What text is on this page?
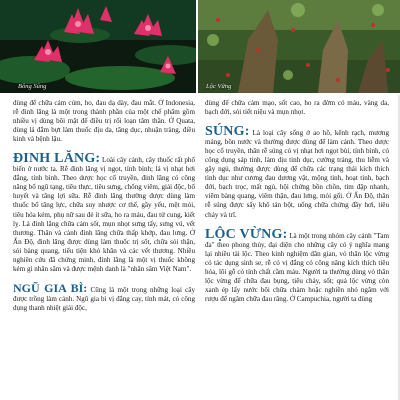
Bông Súng	Lộc Vừng

dùng để chữa cảm cúm, ho, đau dạ dày, đau mắt. Ở Indonesia, rễ đinh lăng là một trong thành phần của một chế phẩm gồm nhiều vị dùng bôi mặt để điều trị rối loạn tâm thần. Ở Quata, dùng lá đắm bựt làm thuốc địu da, tăng dục, nhuận tràng, điều kinh và bệnh lậu.

ĐINH LĂNG: Loài cây cảnh, cây thuốc rất phổ biến ở nước ta. Rễ đinh lăng vị ngọt, tính bình; lá vị nhạt hơi đắng, tính bình. Theo dược học cổ truyền, đinh lăng có công năng bổ ngũ tạng, tiêu thực, tiêu sưng, chống viêm, giải độc, bổ huyết và tăng lợi sữa. Rễ đinh lăng thường được dùng làm thuốc bổ tăng lực, chữa suy nhược cơ thể, gầy yếu, mệt mỏi, tiêu hóa kém, phụ nữ sau đẻ ít sữa, ho ra máu, đau tử cung, kiết lỵ. Lá đinh lăng chữa cảm sốt, mụn nhọt sưng tấy, sưng vú, vết thương. Thân và cành đinh lăng chữa thấp khớp, đau lưng. Ở Ấn Độ, đinh lăng được dùng làm thuốc trị sốt, chữa sỏi thận, sỏi bàng quang, tiểu tiện khó khăn và các vết thương. Nhiều nghiên cứu đã chứng minh, đinh lăng là một vị thuốc không kém gì nhân sâm và được mệnh danh là "nhân sâm Việt Nam".

NGŨ GIA BÌ: Cũng là một trong những loại cây được trồng làm cảnh. Ngũ gia bì vị đắng cay, tính mát, có công dụng thanh nhiệt giải độc,

dùng để chữa cảm mạo, sốt cao, ho ra đờm có máu, vàng da, bạch đới, sỏi tiết niệu và mụn nhọt.

SÚNG: Là loại cây sống ở ao hồ, kênh rạch, mương máng, bồn nước và thường được dùng để làm cảnh. Theo dược học cổ truyền, thân rễ súng có vị nhạt hơi ngọt bùi, tính bình, có công dụng sáp tinh, làm dịu tinh dục, cường tráng, thu liễm và gây ngủ, thường được dùng để chữa các trạng thái kích thích tình dục như cương đau dương vật, mộng tinh, hoạt tinh, bạch đới, bạch trọc, mất ngủ, hội chứng bồn chồn, tim đập nhanh, viêm bàng quang, viêm thận, đau lưng, mỏi gối. Ở Ấn Độ, thân rễ súng được sấy khô tán bột, uống chữa chứng đầy hơi, tiêu chảy và trĩ.

LỘC VỪNG: Là một trong nhóm cây cảnh "Tam đa" theo phong thủy, đại diện cho những cây có ý nghĩa mang lại nhiều tài lộc. Theo kinh nghiệm dân gian, vỏ thân lộc vừng có tác dụng sinh se, rễ có vị đắng có công năng kích thích tiêu hóa, lõi gỗ có tính chất cầm máu. Người ta thường dùng vỏ thân lộc vừng để chữa đau bụng, tiêu chảy, sốt; quả lộc vừng còn xanh ép lấy nước bôi chữa chàm hoặc nghiền nhỏ ngâm với rượu để ngâm chữa đau răng. Ở Campuchia, người ta dùng
